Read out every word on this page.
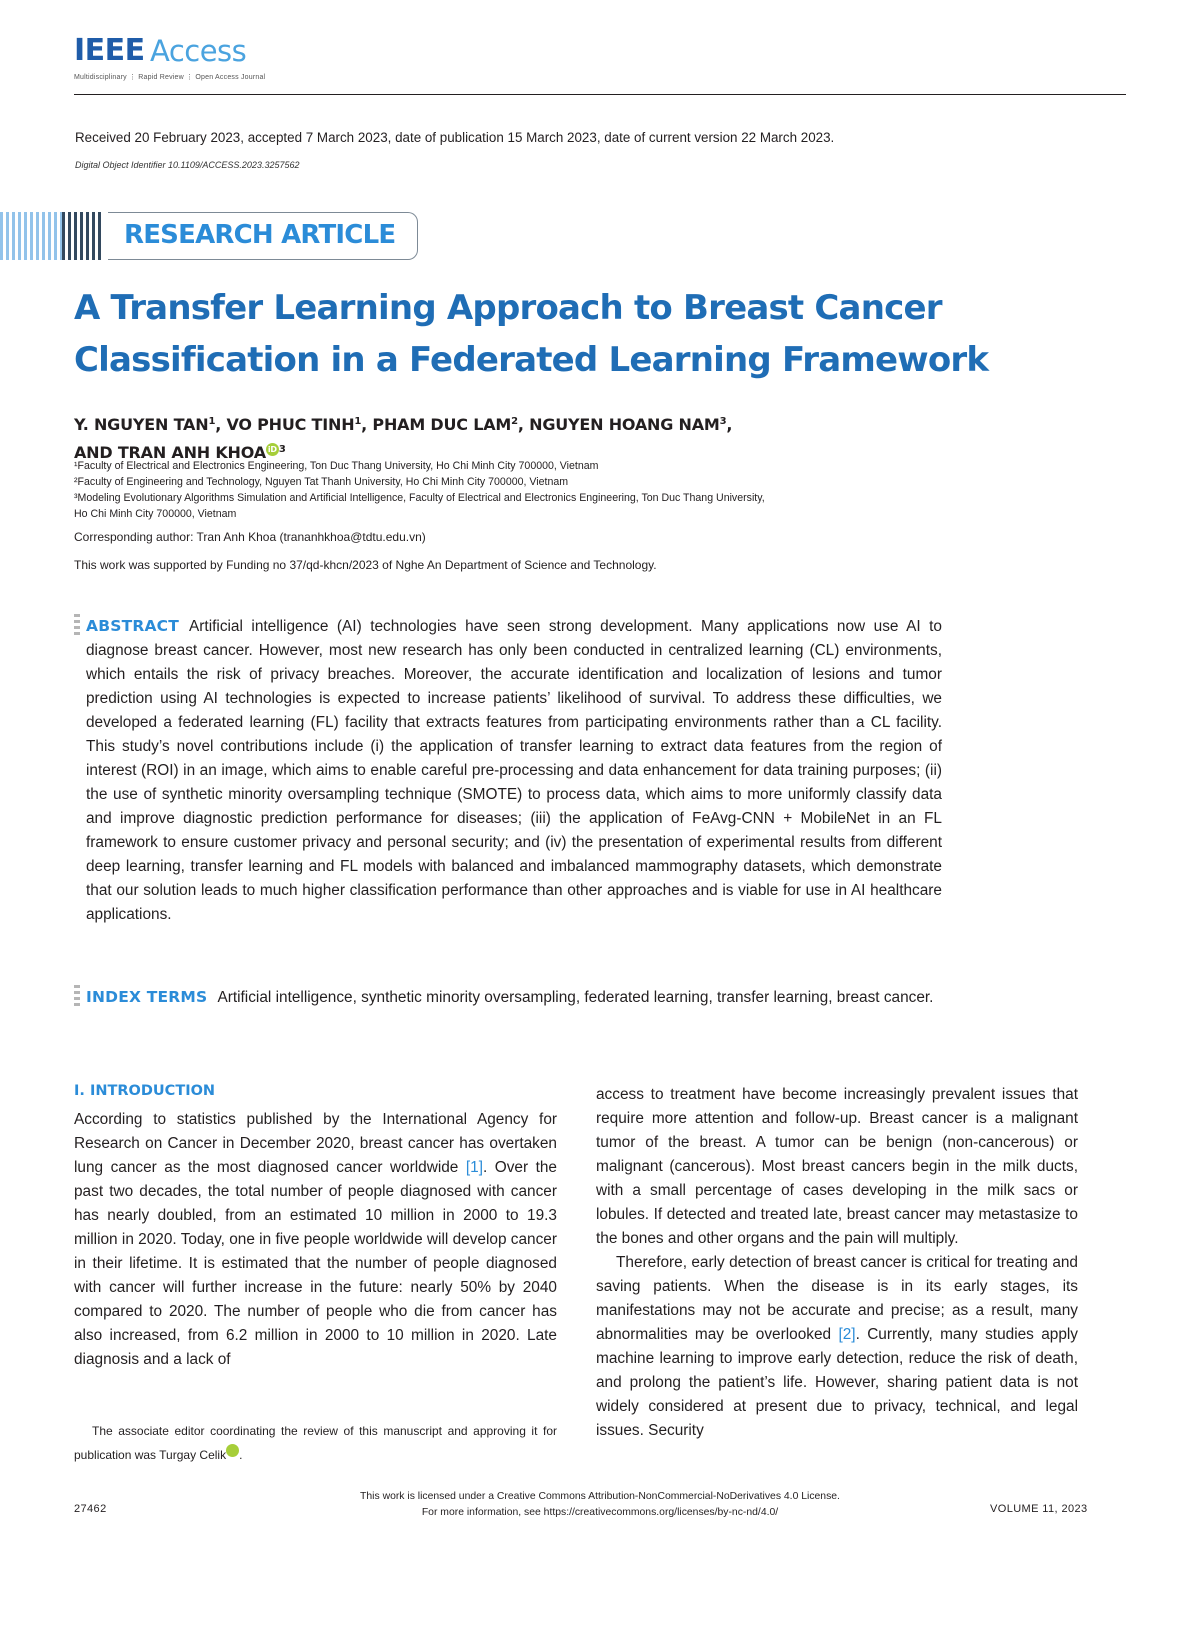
IEEE Access
Multidisciplinary ⋮ Rapid Review ⋮ Open Access Journal
Received 20 February 2023, accepted 7 March 2023, date of publication 15 March 2023, date of current version 22 March 2023.
Digital Object Identifier 10.1109/ACCESS.2023.3257562
RESEARCH ARTICLE
A Transfer Learning Approach to Breast Cancer
Classification in a Federated Learning Framework
Y. NGUYEN TAN$^1$, VO PHUC TINH$^1$, PHAM DUC LAM$^2$, NGUYEN HOANG NAM$^3$,
AND TRAN ANH KHOA iD $^3$
¹Faculty of Electrical and Electronics Engineering, Ton Duc Thang University, Ho Chi Minh City 700000, Vietnam
²Faculty of Engineering and Technology, Nguyen Tat Thanh University, Ho Chi Minh City 700000, Vietnam
³Modeling Evolutionary Algorithms Simulation and Artificial Intelligence, Faculty of Electrical and Electronics Engineering, Ton Duc Thang University,
Ho Chi Minh City 700000, Vietnam
Corresponding author: Tran Anh Khoa (trananhkhoa@tdtu.edu.vn)
This work was supported by Funding no 37/qd-khcn/2023 of Nghe An Department of Science and Technology.
ABSTRACT Artificial intelligence (AI) technologies have seen strong development. Many applications now use AI to diagnose breast cancer. However, most new research has only been conducted in centralized learning (CL) environments, which entails the risk of privacy breaches. Moreover, the accurate identification and localization of lesions and tumor prediction using AI technologies is expected to increase patients’ likelihood of survival. To address these difficulties, we developed a federated learning (FL) facility that extracts features from participating environments rather than a CL facility. This study’s novel contributions include (i) the application of transfer learning to extract data features from the region of interest (ROI) in an image, which aims to enable careful pre-processing and data enhancement for data training purposes; (ii) the use of synthetic minority oversampling technique (SMOTE) to process data, which aims to more uniformly classify data and improve diagnostic prediction performance for diseases; (iii) the application of FeAvg-CNN + MobileNet in an FL framework to ensure customer privacy and personal security; and (iv) the presentation of experimental results from different deep learning, transfer learning and FL models with balanced and imbalanced mammography datasets, which demonstrate that our solution leads to much higher classification performance than other approaches and is viable for use in AI healthcare applications.
INDEX TERMS Artificial intelligence, synthetic minority oversampling, federated learning, transfer learning, breast cancer.
I. INTRODUCTION

According to statistics published by the International Agency for Research on Cancer in December 2020, breast cancer has overtaken lung cancer as the most diagnosed cancer worldwide [1]. Over the past two decades, the total number of people diagnosed with cancer has nearly doubled, from an estimated 10 million in 2000 to 19.3 million in 2020. Today, one in five people worldwide will develop cancer in their lifetime. It is estimated that the number of people diagnosed with cancer will further increase in the future: nearly 50% by 2040 compared to 2020. The number of people who die from cancer has also increased, from 6.2 million in 2000 to 10 million in 2020. Late diagnosis and a lack of

access to treatment have become increasingly prevalent issues that require more attention and follow-up. Breast cancer is a malignant tumor of the breast. A tumor can be benign (non-cancerous) or malignant (cancerous). Most breast cancers begin in the milk ducts, with a small percentage of cases developing in the milk sacs or lobules. If detected and treated late, breast cancer may metastasize to the bones and other organs and the pain will multiply.

Therefore, early detection of breast cancer is critical for treating and saving patients. When the disease is in its early stages, its manifestations may not be accurate and precise; as a result, many abnormalities may be overlooked [2]. Currently, many studies apply machine learning to improve early detection, reduce the risk of death, and prolong the patient’s life. However, sharing patient data is not widely considered at present due to privacy, technical, and legal issues. Security

The associate editor coordinating the review of this manuscript and approving it for publication was Turgay Celik iD.
This work is licensed under a Creative Commons Attribution-NonCommercial-NoDerivatives 4.0 License.
For more information, see https://creativecommons.org/licenses/by-nc-nd/4.0/
27462	VOLUME 11, 2023
